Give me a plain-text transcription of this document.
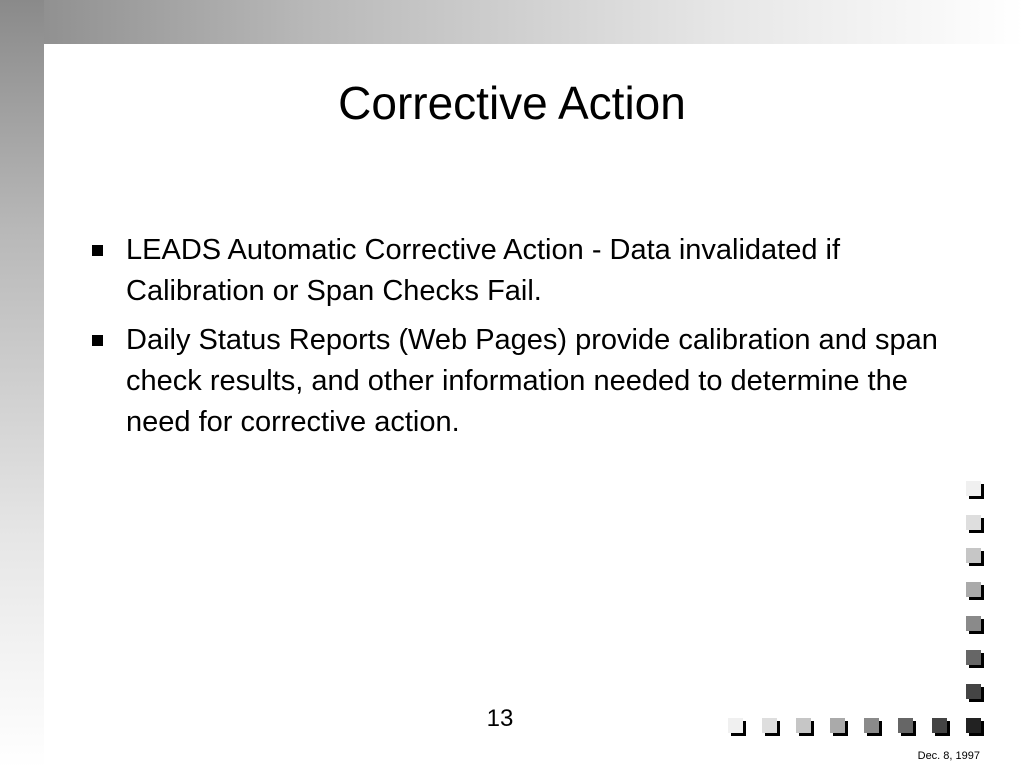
Corrective Action
LEADS Automatic Corrective Action - Data invalidated if Calibration or Span Checks Fail.
Daily Status Reports (Web Pages) provide calibration and span check results, and other information needed to determine the need for corrective action.
13
Dec. 8, 1997
